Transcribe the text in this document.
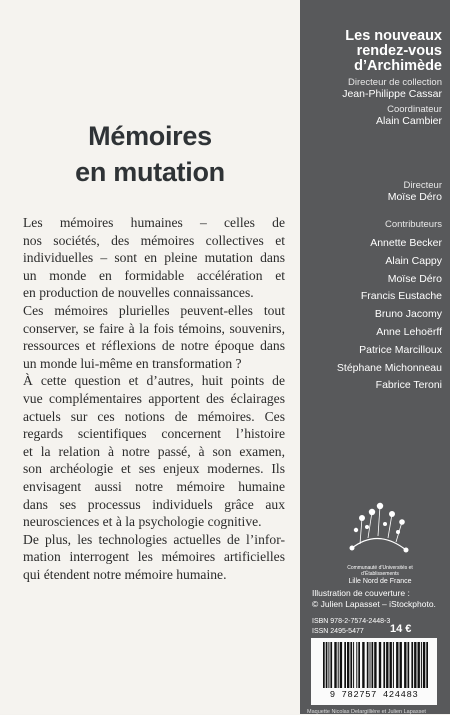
Mémoires
en mutation
Les mémoires humaines – celles de
nos sociétés, des mémoires collectives et
individuelles – sont en pleine mutation dans
un monde en formidable accélération et
en production de nouvelles connaissances.
Ces mémoires plurielles peuvent-elles tout
conserver, se faire à la fois témoins, souvenirs,
ressources et réflexions de notre époque dans
un monde lui-même en transformation ?
À cette question et d’autres, huit points de
vue complémentaires apportent des éclairages
actuels sur ces notions de mémoires. Ces
regards scientifiques concernent l’histoire
et la relation à notre passé, à son examen,
son archéologie et ses enjeux modernes. Ils
envisagent aussi notre mémoire humaine
dans ses processus individuels grâce aux
neurosciences et à la psychologie cognitive.
De plus, les technologies actuelles de l’infor-
mation interrogent les mémoires artificielles
qui étendent notre mémoire humaine.
Les nouveaux
rendez-vous
d’Archimède
Directeur de collection
Jean-Philippe Cassar
Coordinateur
Alain Cambier
Directeur
Moïse Déro
Contributeurs
Annette Becker
Alain Cappy
Moïse Déro
Francis Eustache
Bruno Jacomy
Anne Lehoërff
Patrice Marcilloux
Stéphane Michonneau
Fabrice Teroni
Communauté d’Universités et d’Établissements
Lille Nord de France
Illustration de couverture :
© Julien Lapasset – iStockphoto.
ISBN 978-2-7574-2448-3
ISSN 2495-5477	14 €
9 782757 424483
Maquette Nicolas Delargillière et Julien Lapasset
